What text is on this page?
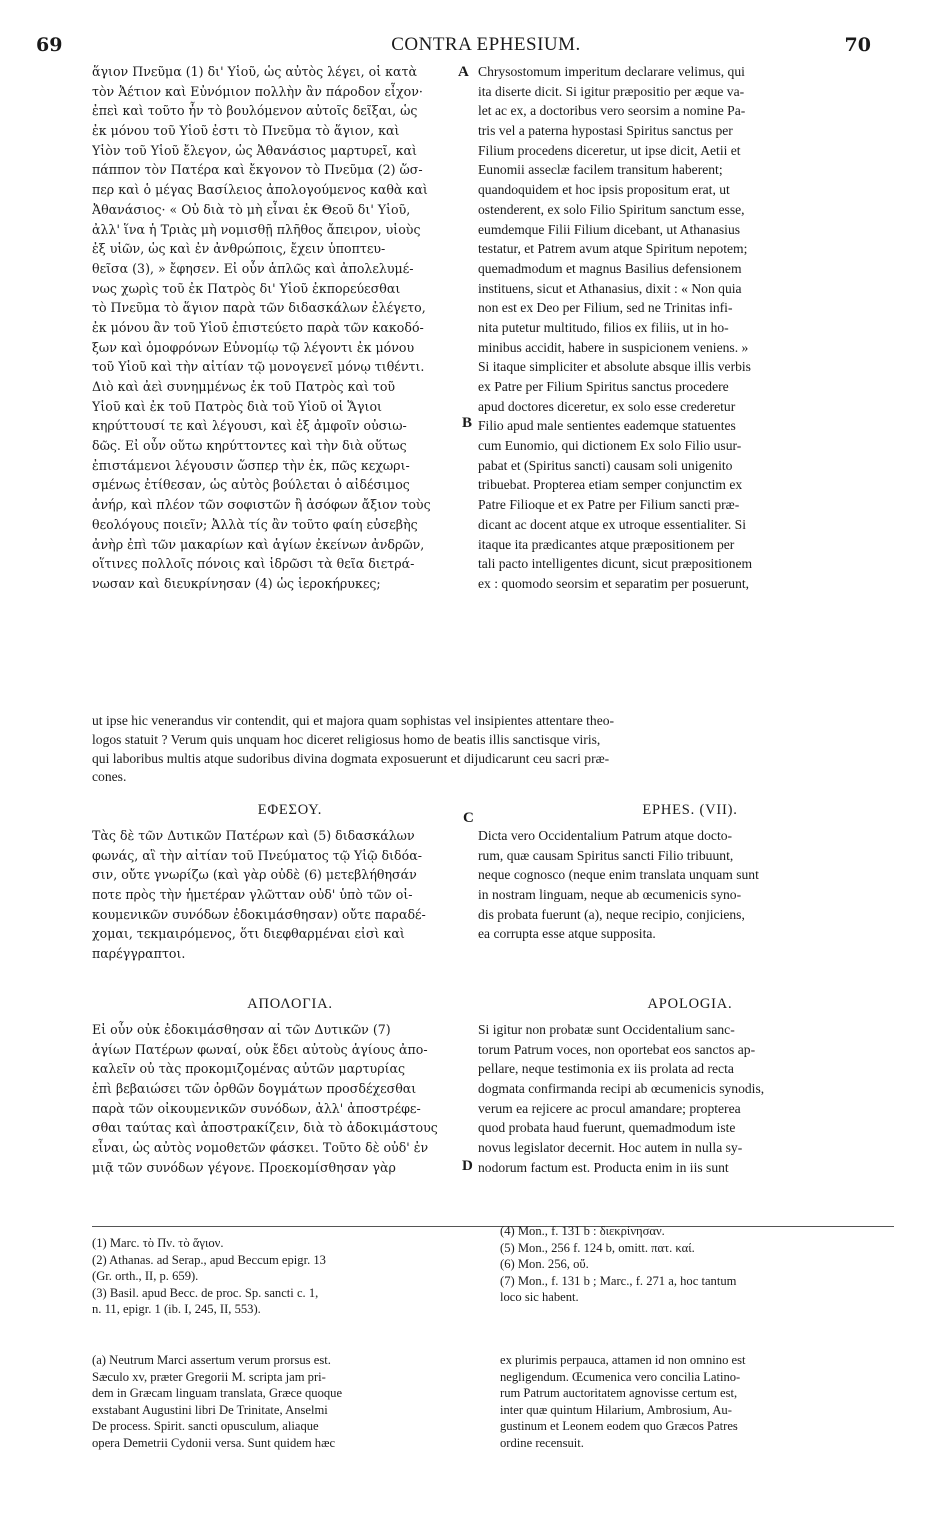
69	CONTRA EPHESIUM.	70
A
B
C
D
ἅγιον Πνεῦμα (1) δι' Υἱοῦ, ὡς αὐτὸς λέγει, οἱ κατὰ
τὸν Ἀέτιον καὶ Εὐνόμιον πολλὴν ἂν πάροδον εἶχον·
ἐπεὶ καὶ τοῦτο ἦν τὸ βουλόμενον αὐτοῖς δεῖξαι, ὡς
ἐκ μόνου τοῦ Υἱοῦ ἐστι τὸ Πνεῦμα τὸ ἅγιον, καὶ
Υἱὸν τοῦ Υἱοῦ ἔλεγον, ὡς Ἀθανάσιος μαρτυρεῖ, καὶ
πάππον τὸν Πατέρα καὶ ἔκγονον τὸ Πνεῦμα (2) ὥσ-
περ καὶ ὁ μέγας Βασίλειος ἀπολογούμενος καθὰ καὶ
Ἀθανάσιος· « Οὐ διὰ τὸ μὴ εἶναι ἐκ Θεοῦ δι' Υἱοῦ,
ἀλλ' ἵνα ἡ Τριὰς μὴ νομισθῇ πλῆθος ἄπειρον, υἱοὺς
ἐξ υἱῶν, ὡς καὶ ἐν ἀνθρώποις, ἔχειν ὑποπτευ-
θεῖσα (3), » ἔφησεν. Εἰ οὖν ἁπλῶς καὶ ἀπολελυμέ-
νως χωρὶς τοῦ ἐκ Πατρὸς δι' Υἱοῦ ἐκπορεύεσθαι
τὸ Πνεῦμα τὸ ἅγιον παρὰ τῶν διδασκάλων ἐλέγετο,
ἐκ μόνου ἂν τοῦ Υἱοῦ ἐπιστεύετο παρὰ τῶν κακοδό-
ξων καὶ ὁμοφρόνων Εὐνομίῳ τῷ λέγοντι ἐκ μόνου
τοῦ Υἱοῦ καὶ τὴν αἰτίαν τῷ μονογενεῖ μόνῳ τιθέντι.
Διὸ καὶ ἀεὶ συνημμένως ἐκ τοῦ Πατρὸς καὶ τοῦ
Υἱοῦ καὶ ἐκ τοῦ Πατρὸς διὰ τοῦ Υἱοῦ οἱ Ἅγιοι
κηρύττουσί τε καὶ λέγουσι, καὶ ἐξ ἀμφοῖν οὐσιω-
δῶς. Εἰ οὖν οὕτω κηρύττοντες καὶ τὴν διὰ οὕτως
ἐπιστάμενοι λέγουσιν ὥσπερ τὴν ἐκ, πῶς κεχωρι-
σμένως ἐτίθεσαν, ὡς αὐτὸς βούλεται ὁ αἰδέσιμος
ἀνήρ, καὶ πλέον τῶν σοφιστῶν ἢ ἀσόφων ἄξιον τοὺς
θεολόγους ποιεῖν; Ἀλλὰ τίς ἂν τοῦτο φαίη εὐσεβὴς
ἀνὴρ ἐπὶ τῶν μακαρίων καὶ ἁγίων ἐκείνων ἀνδρῶν,
οἵτινες πολλοῖς πόνοις καὶ ἱδρῶσι τὰ θεῖα διετρά-
νωσαν καὶ διευκρίνησαν (4) ὡς ἱεροκήρυκες;
Chrysostomum imperitum declarare velimus, qui
ita diserte dicit. Si igitur præpositio per æque va-
let ac ex, a doctoribus vero seorsim a nomine Pa-
tris vel a paterna hypostasi Spiritus sanctus per
Filium procedens diceretur, ut ipse dicit, Aetii et
Eunomii asseclæ facilem transitum haberent;
quandoquidem et hoc ipsis propositum erat, ut
ostenderent, ex solo Filio Spiritum sanctum esse,
eumdemque Filii Filium dicebant, ut Athanasius
testatur, et Patrem avum atque Spiritum nepotem;
quemadmodum et magnus Basilius defensionem
instituens, sicut et Athanasius, dixit : « Non quia
non est ex Deo per Filium, sed ne Trinitas infi-
nita putetur multitudo, filios ex filiis, ut in ho-
minibus accidit, habere in suspicionem veniens. »
Si itaque simpliciter et absolute absque illis verbis
ex Patre per Filium Spiritus sanctus procedere
apud doctores diceretur, ex solo esse crederetur
Filio apud male sentientes eademque statuentes
cum Eunomio, qui dictionem Ex solo Filio usur-
pabat et (Spiritus sancti) causam soli unigenito
tribuebat. Propterea etiam semper conjunctim ex
Patre Filioque et ex Patre per Filium sancti præ-
dicant ac docent atque ex utroque essentialiter. Si
itaque ita prædicantes atque præpositionem per
tali pacto intelligentes dicunt, sicut præpositionem
ex : quomodo seorsim et separatim per posuerunt,
ut ipse hic venerandus vir contendit, qui et majora quam sophistas vel insipientes attentare theo-
logos statuit ? Verum quis unquam hoc diceret religiosus homo de beatis illis sanctisque viris,
qui laboribus multis atque sudoribus divina dogmata exposuerunt et dijudicarunt ceu sacri præ-
cones.
ΕΦΕΣΟΥ.	EPHES. (VII).
Τὰς δὲ τῶν Δυτικῶν Πατέρων καὶ (5) διδασκάλων
φωνάς, αἳ τὴν αἰτίαν τοῦ Πνεύματος τῷ Υἱῷ διδόα-
σιν, οὔτε γνωρίζω (καὶ γὰρ οὐδὲ (6) μετεβλήθησάν
ποτε πρὸς τὴν ἡμετέραν γλῶτταν οὐδ' ὑπὸ τῶν οἰ-
κουμενικῶν συνόδων ἐδοκιμάσθησαν) οὔτε παραδέ-
χομαι, τεκμαιρόμενος, ὅτι διεφθαρμέναι εἰσὶ καὶ
παρέγγραπτοι.
Dicta vero Occidentalium Patrum atque docto-
rum, quæ causam Spiritus sancti Filio tribuunt,
neque cognosco (neque enim translata unquam sunt
in nostram linguam, neque ab œcumenicis syno-
dis probata fuerunt (a), neque recipio, conjiciens,
ea corrupta esse atque supposita.
ΑΠΟΛΟΓΙΑ.	APOLOGIA.
Εἰ οὖν οὐκ ἐδοκιμάσθησαν αἱ τῶν Δυτικῶν (7)
ἁγίων Πατέρων φωναί, οὐκ ἔδει αὐτοὺς ἁγίους ἀπο-
καλεῖν οὐ τὰς προκομιζομένας αὐτῶν μαρτυρίας
ἐπὶ βεβαιώσει τῶν ὀρθῶν δογμάτων προσδέχεσθαι
παρὰ τῶν οἰκουμενικῶν συνόδων, ἀλλ' ἀποστρέφε-
σθαι ταύτας καὶ ἀποστρακίζειν, διὰ τὸ ἀδοκιμάστους
εἶναι, ὡς αὐτὸς νομοθετῶν φάσκει. Τοῦτο δὲ οὐδ' ἐν
μιᾷ τῶν συνόδων γέγονε. Προεκομίσθησαν γὰρ
Si igitur non probatæ sunt Occidentalium sanc-
torum Patrum voces, non oportebat eos sanctos ap-
pellare, neque testimonia ex iis prolata ad recta
dogmata confirmanda recipi ab œcumenicis synodis,
verum ea rejicere ac procul amandare; propterea
quod probata haud fuerunt, quemadmodum iste
novus legislator decernit. Hoc autem in nulla sy-
nodorum factum est. Producta enim in iis sunt
(1) Marc. τὸ Πν. τὸ ἅγιον.
(2) Athanas. ad Serap., apud Beccum epigr. 13
(Gr. orth., II, p. 659).
(3) Basil. apud Becc. de proc. Sp. sancti c. 1,
n. 11, epigr. 1 (ib. I, 245, II, 553).
(4) Mon., f. 131 b : διεκρίνησαν.
(5) Mon., 256 f. 124 b, omitt. πατ. καί.
(6) Mon. 256, οὔ.
(7) Mon., f. 131 b ; Marc., f. 271 a, hoc tantum
loco sic habent.
(a) Neutrum Marci assertum verum prorsus est.
Sæculo xv, præter Gregorii M. scripta jam pri-
dem in Græcam linguam translata, Græce quoque
exstabant Augustini libri De Trinitate, Anselmi
De process. Spirit. sancti opusculum, aliaque
opera Demetrii Cydonii versa. Sunt quidem hæc
ex plurimis perpauca, attamen id non omnino est
negligendum. Œcumenica vero concilia Latino-
rum Patrum auctoritatem agnovisse certum est,
inter quæ quintum Hilarium, Ambrosium, Au-
gustinum et Leonem eodem quo Græcos Patres
ordine recensuit.
